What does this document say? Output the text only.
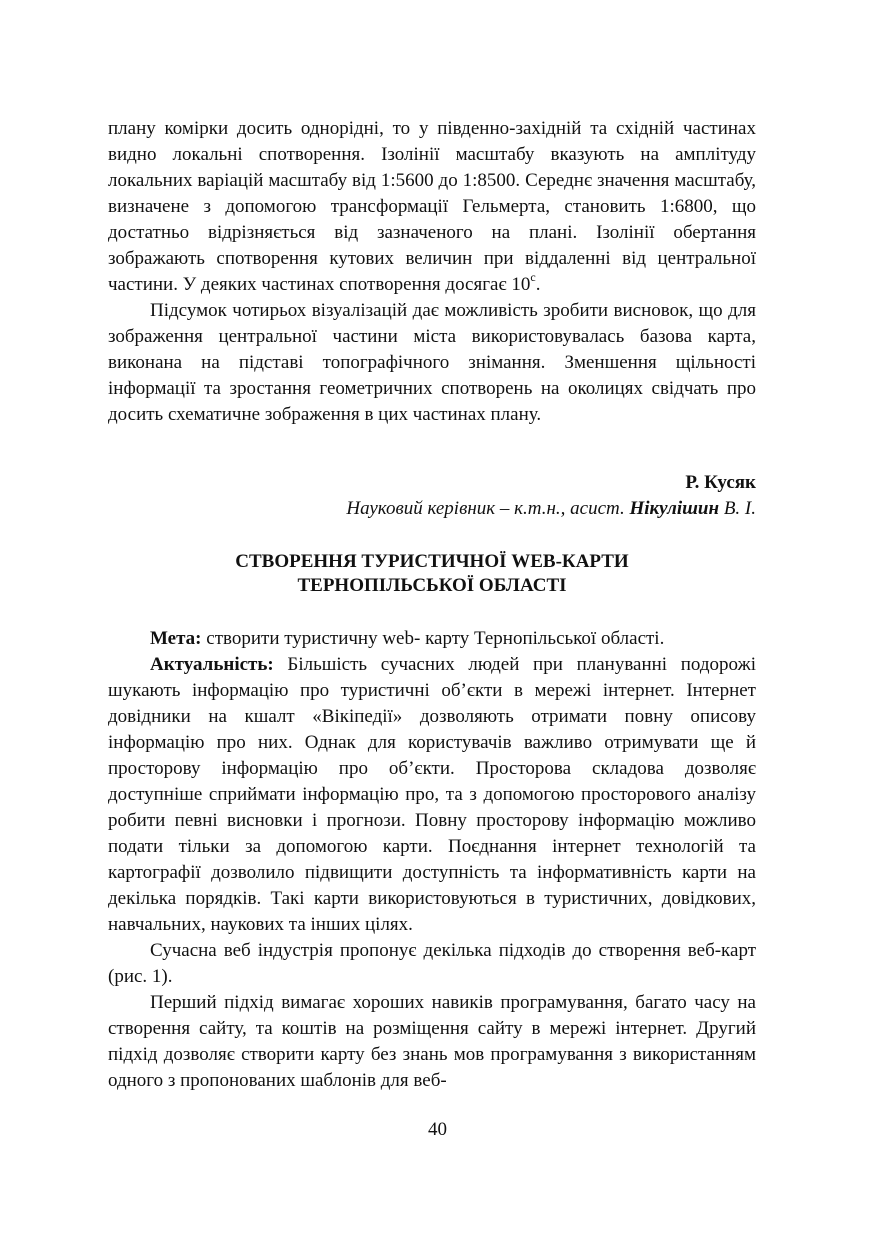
плану комірки досить однорідні, то у південно-західній та східній частинах видно локальні спотворення. Ізолінії масштабу вказують на амплітуду локальних варіацій масштабу від 1:5600 до 1:8500. Середнє значення масштабу, визначене з допомогою трансформації Гельмерта, становить 1:6800, що достатньо відрізняється від зазначеного на плані. Ізолінії обертання зображають спотворення кутових величин при віддаленні від центральної частини. У деяких частинах спотворення досягає $10^с$.

Підсумок чотирьох візуалізацій дає можливість зробити висновок, що для зображення центральної частини міста використовувалась базова карта, виконана на підставі топографічного знімання. Зменшення щільності інформації та зростання геометричних спотворень на околицях свідчать про досить схематичне зображення в цих частинах плану.

Р. Кусяк
Науковий керівник – к.т.н., асист. Нікулішин В. І.
СТВОРЕННЯ ТУРИСТИЧНОЇ WEB-КАРТИ
ТЕРНОПІЛЬСЬКОЇ ОБЛАСТІ

Мета: створити туристичну web- карту Тернопільської області.

Актуальність: Більшість сучасних людей при плануванні подорожі шукають інформацію про туристичні об’єкти в мережі інтернет. Інтернет довідники на кшалт «Вікіпедії» дозволяють отримати повну описову інформацію про них. Однак для користувачів важливо отримувати ще й просторову інформацію про об’єкти. Просторова складова дозволяє доступніше сприймати інформацію про, та з допомогою просторового аналізу робити певні висновки і прогнози. Повну просторову інформацію можливо подати тільки за допомогою карти. Поєднання інтернет технологій та картографії дозволило підвищити доступність та інформативність карти на декілька порядків. Такі карти використовуються в туристичних, довідкових, навчальних, наукових та інших цілях.

Сучасна веб індустрія пропонує декілька підходів до створення веб-карт (рис. 1).

Перший підхід вимагає хороших навиків програмування, багато часу на створення сайту, та коштів на розміщення сайту в мережі інтернет. Другий підхід дозволяє створити карту без знань мов програмування з використанням одного з пропонованих шаблонів для веб-

40
